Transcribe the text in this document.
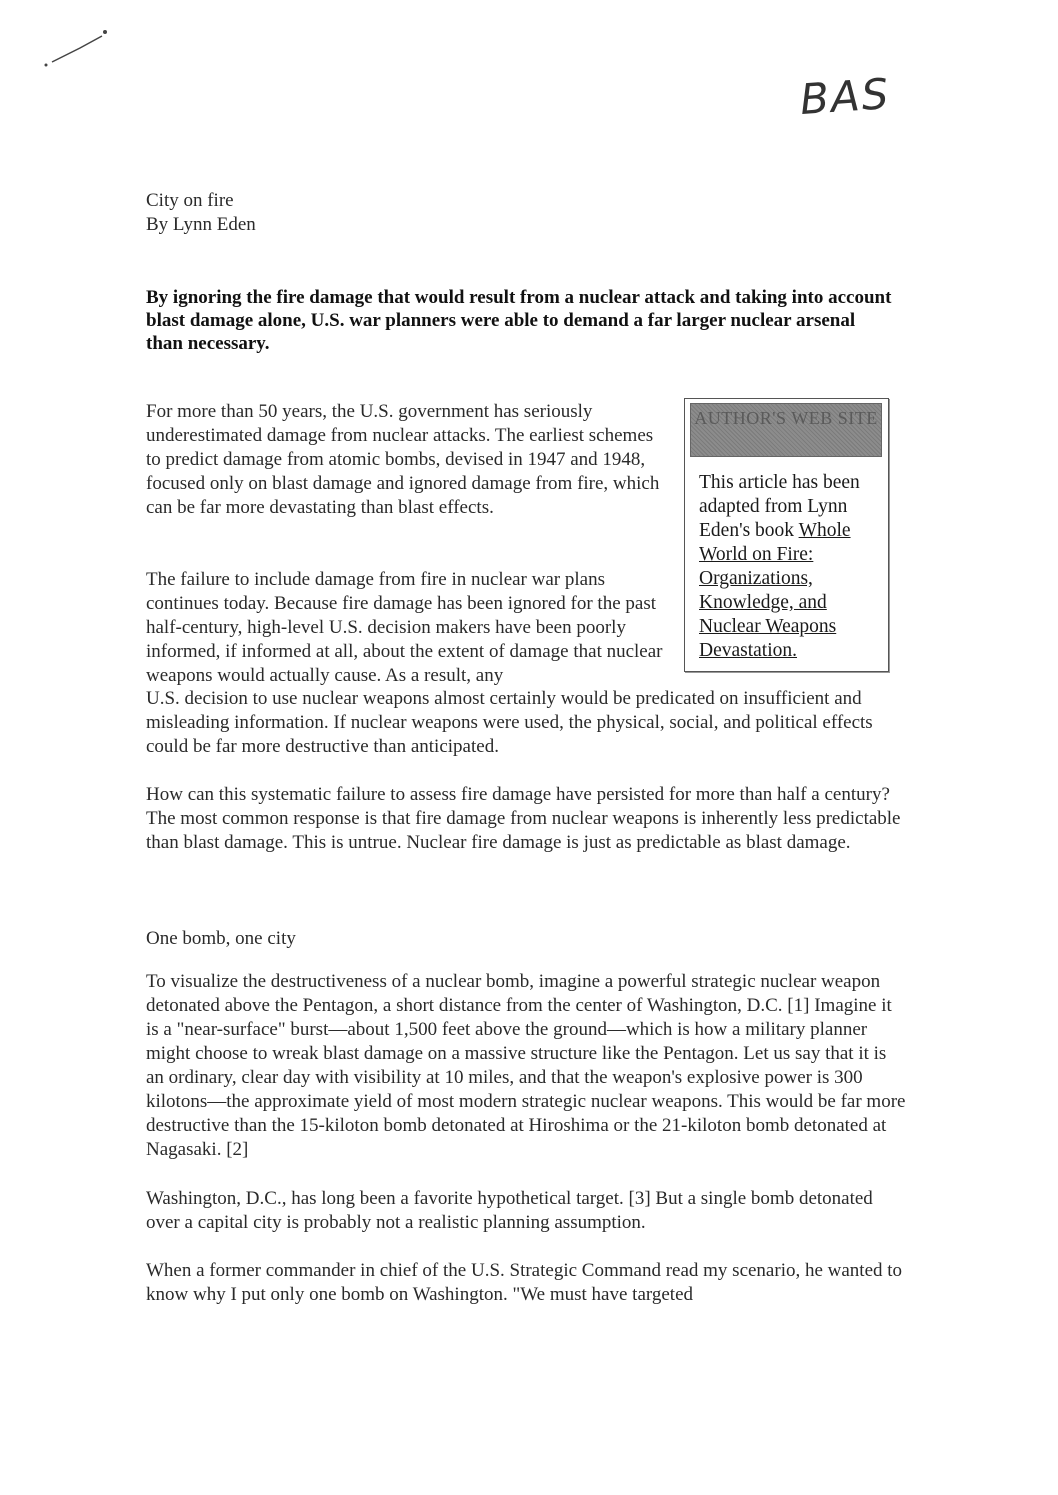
BAS
City on fire
By Lynn Eden
By ignoring the fire damage that would result from a nuclear attack and taking into account blast damage alone, U.S. war planners were able to demand a far larger nuclear arsenal than necessary.

For more than 50 years, the U.S. government has seriously underestimated damage from nuclear attacks. The earliest schemes to predict damage from atomic bombs, devised in 1947 and 1948, focused only on blast damage and ignored damage from fire, which can be far more devastating than blast effects.

The failure to include damage from fire in nuclear war plans continues today. Because fire damage has been ignored for the past half-century, high-level U.S. decision makers have been poorly informed, if informed at all, about the extent of damage that nuclear weapons would actually cause. As a result, any

U.S. decision to use nuclear weapons almost certainly would be predicated on insufficient and misleading information. If nuclear weapons were used, the physical, social, and political effects could be far more destructive than anticipated.

AUTHOR'S WEB SITE
This article has been adapted from Lynn Eden's book Whole World on Fire: Organizations, Knowledge, and Nuclear Weapons Devastation.

How can this systematic failure to assess fire damage have persisted for more than half a century? The most common response is that fire damage from nuclear weapons is inherently less predictable than blast damage. This is untrue. Nuclear fire damage is just as predictable as blast damage.

One bomb, one city

To visualize the destructiveness of a nuclear bomb, imagine a powerful strategic nuclear weapon detonated above the Pentagon, a short distance from the center of Washington, D.C. [1] Imagine it is a "near-surface" burst—about 1,500 feet above the ground—which is how a military planner might choose to wreak blast damage on a massive structure like the Pentagon. Let us say that it is an ordinary, clear day with visibility at 10 miles, and that the weapon's explosive power is 300 kilotons—the approximate yield of most modern strategic nuclear weapons. This would be far more destructive than the 15-kiloton bomb detonated at Hiroshima or the 21-kiloton bomb detonated at Nagasaki. [2]

Washington, D.C., has long been a favorite hypothetical target. [3] But a single bomb detonated over a capital city is probably not a realistic planning assumption.

When a former commander in chief of the U.S. Strategic Command read my scenario, he wanted to know why I put only one bomb on Washington. "We must have targeted
